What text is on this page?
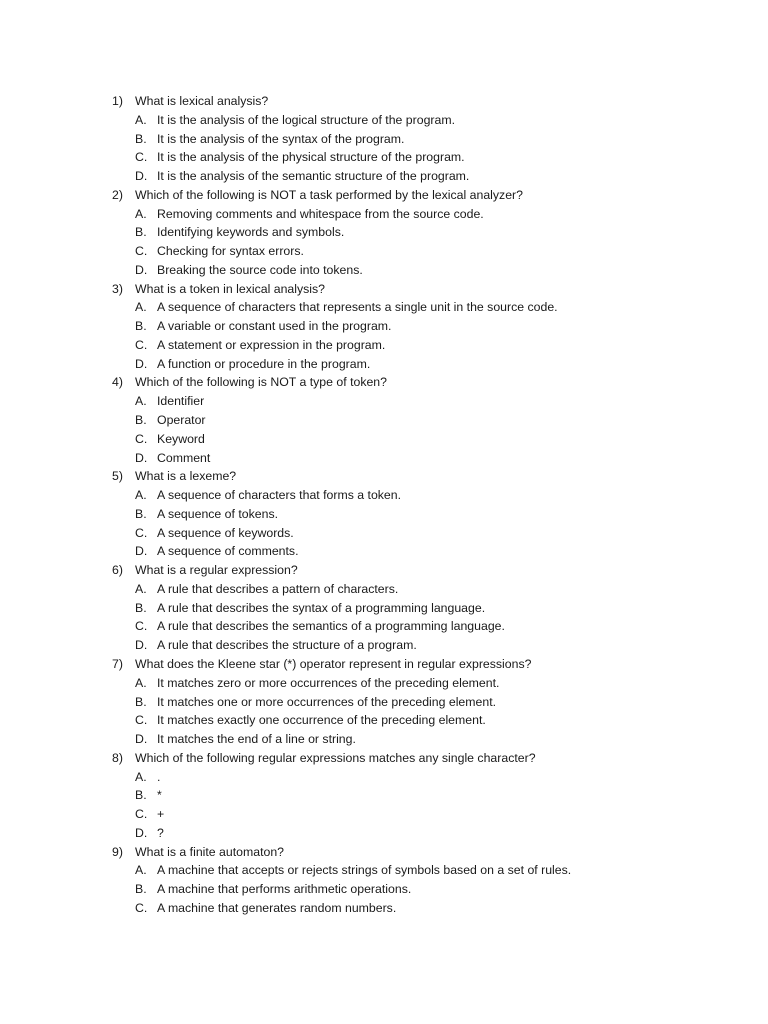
1) What is lexical analysis?
A. It is the analysis of the logical structure of the program.
B. It is the analysis of the syntax of the program.
C. It is the analysis of the physical structure of the program.
D. It is the analysis of the semantic structure of the program.
2) Which of the following is NOT a task performed by the lexical analyzer?
A. Removing comments and whitespace from the source code.
B. Identifying keywords and symbols.
C. Checking for syntax errors.
D. Breaking the source code into tokens.
3) What is a token in lexical analysis?
A. A sequence of characters that represents a single unit in the source code.
B. A variable or constant used in the program.
C. A statement or expression in the program.
D. A function or procedure in the program.
4) Which of the following is NOT a type of token?
A. Identifier
B. Operator
C. Keyword
D. Comment
5) What is a lexeme?
A. A sequence of characters that forms a token.
B. A sequence of tokens.
C. A sequence of keywords.
D. A sequence of comments.
6) What is a regular expression?
A. A rule that describes a pattern of characters.
B. A rule that describes the syntax of a programming language.
C. A rule that describes the semantics of a programming language.
D. A rule that describes the structure of a program.
7) What does the Kleene star (*) operator represent in regular expressions?
A. It matches zero or more occurrences of the preceding element.
B. It matches one or more occurrences of the preceding element.
C. It matches exactly one occurrence of the preceding element.
D. It matches the end of a line or string.
8) Which of the following regular expressions matches any single character?
A. .
B. *
C. +
D. ?
9) What is a finite automaton?
A. A machine that accepts or rejects strings of symbols based on a set of rules.
B. A machine that performs arithmetic operations.
C. A machine that generates random numbers.
